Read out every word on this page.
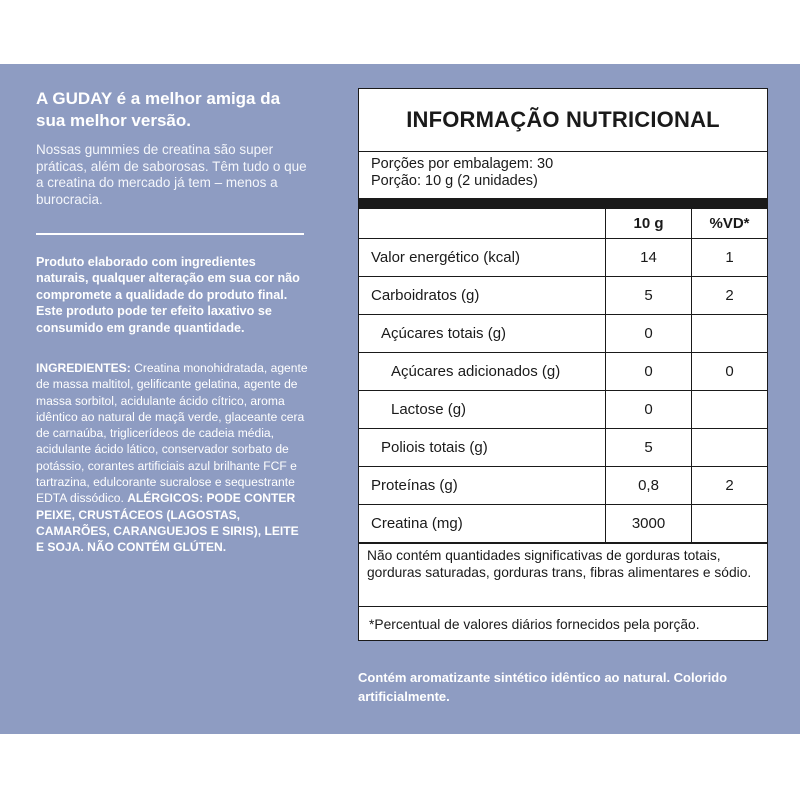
A GUDAY é a melhor amiga da sua melhor versão.

Nossas gummies de creatina são super práticas, além de saborosas. Têm tudo o que a creatina do mercado já tem – menos a burocracia.

Produto elaborado com ingredientes naturais, qualquer alteração em sua cor não compromete a qualidade do produto final.
Este produto pode ter efeito laxativo se consumido em grande quantidade.

INGREDIENTES: Creatina monohidratada, agente de massa maltitol, gelificante gelatina, agente de massa sorbitol, acidulante ácido cítrico, aroma idêntico ao natural de maçã verde, glaceante cera de carnaúba, triglicerídeos de cadeia média, acidulante ácido lático, conservador sorbato de potássio, corantes artificiais azul brilhante FCF e tartrazina, edulcorante sucralose e sequestrante EDTA dissódico. ALÉRGICOS: PODE CONTER PEIXE, CRUSTÁCEOS (LAGOSTAS, CAMARÕES, CARANGUEJOS E SIRIS), LEITE E SOJA. NÃO CONTÉM GLÚTEN.

INFORMAÇÃO NUTRICIONAL
Porções por embalagem: 30
Porção: 10 g (2 unidades)
	10 g	%VD*
Valor energético (kcal)	14	1
Carboidratos (g)	5	2
Açúcares totais (g)	0	
Açúcares adicionados (g)	0	0
Lactose (g)	0	
Poliois totais (g)	5	
Proteínas (g)	0,8	2
Creatina (mg)	3000	
Não contém quantidades significativas de gorduras totais, gorduras saturadas, gorduras trans, fibras alimentares e sódio.
*Percentual de valores diários fornecidos pela porção.
Contém aromatizante sintético idêntico ao natural. Colorido artificialmente.
